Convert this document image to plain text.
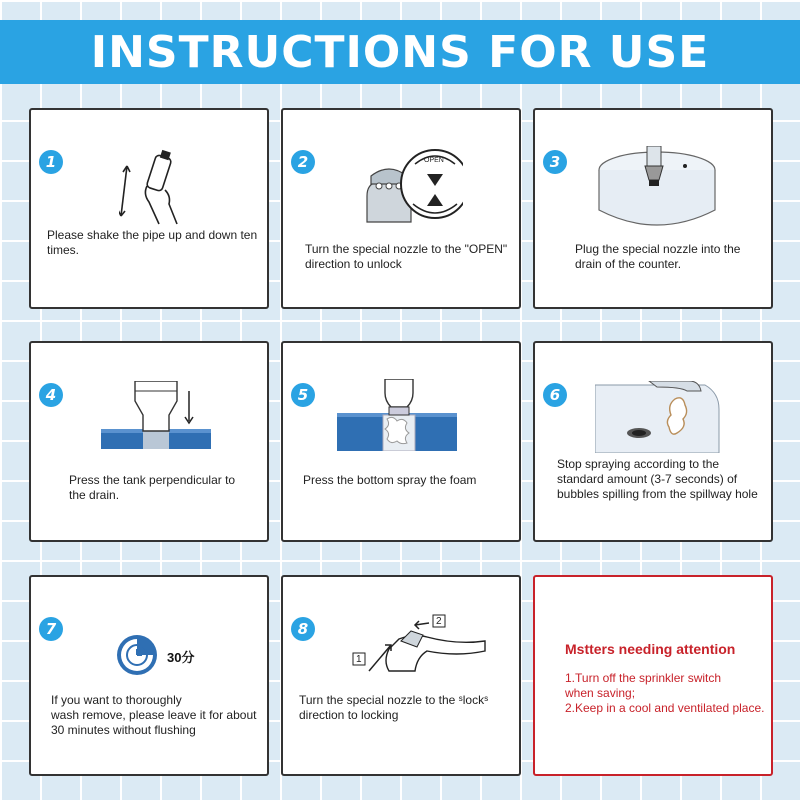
INSTRUCTIONS FOR USE
1
Please shake the pipe up and down ten
times.
2	OPEN
Turn the special nozzle to the "OPEN"
direction to unlock
3
Plug the special nozzle into the
drain of the counter.
4
Press the tank perpendicular to
the drain.
5
Press the bottom spray the foam
6
Stop spraying according to the
standard amount (3-7 seconds) of
bubbles spilling from the spillway hole
7
30分
If you want to thoroughly
wash remove, please leave it for about
30 minutes without flushing
8
1
2
Turn the special nozzle to the ˢlockˢ
direction to locking
Mstters needing attention
1.Turn off the sprinkler switch
when saving;
2.Keep in a cool and ventilated place.
